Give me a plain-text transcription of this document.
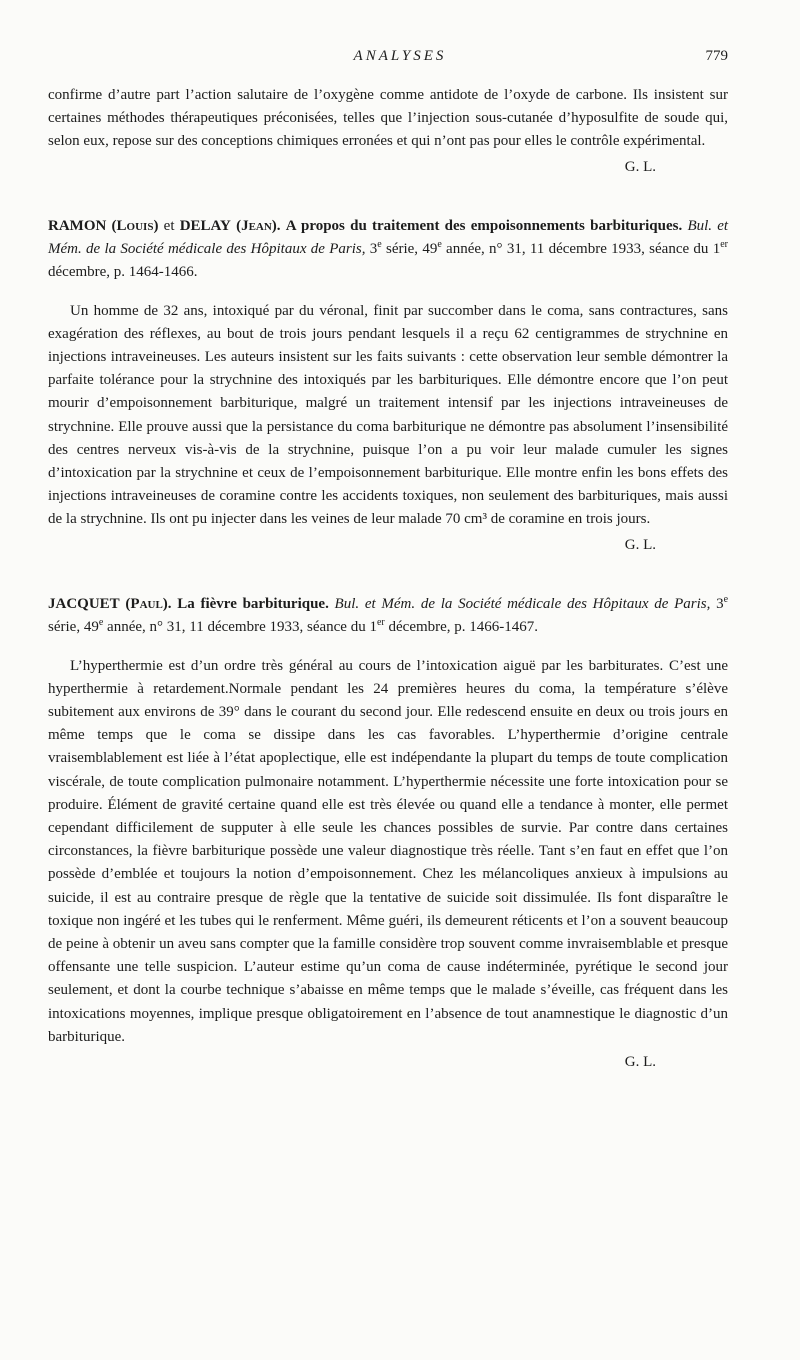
ANALYSES	779

confirme d’autre part l’action salutaire de l’oxygène comme antidote de l’oxyde de carbone. Ils insistent sur certaines méthodes thérapeutiques préconisées, telles que l’injection sous-cutanée d’hyposulfite de soude qui, selon eux, repose sur des conceptions chimiques erronées et qui n’ont pas pour elles le contrôle expérimental.

G. L.

RAMON (Louis) et DELAY (Jean). A propos du traitement des empoisonnements barbituriques. Bul. et Mém. de la Société médicale des Hôpitaux de Paris, 3e série, 49e année, n° 31, 11 décembre 1933, séance du 1er décembre, p. 1464-1466.

Un homme de 32 ans, intoxiqué par du véronal, finit par succomber dans le coma, sans contractures, sans exagération des réflexes, au bout de trois jours pendant lesquels il a reçu 62 centigrammes de strychnine en injections intraveineuses. Les auteurs insistent sur les faits suivants : cette observation leur semble démontrer la parfaite tolérance pour la strychnine des intoxiqués par les barbituriques. Elle démontre encore que l’on peut mourir d’empoisonnement barbiturique, malgré un traitement intensif par les injections intraveineuses de strychnine. Elle prouve aussi que la persistance du coma barbiturique ne démontre pas absolument l’insensibilité des centres nerveux vis-à-vis de la strychnine, puisque l’on a pu voir leur malade cumuler les signes d’intoxication par la strychnine et ceux de l’empoisonnement barbiturique. Elle montre enfin les bons effets des injections intraveineuses de coramine contre les accidents toxiques, non seulement des barbituriques, mais aussi de la strychnine. Ils ont pu injecter dans les veines de leur malade 70 cm³ de coramine en trois jours.

G. L.

JACQUET (Paul). La fièvre barbiturique. Bul. et Mém. de la Société médicale des Hôpitaux de Paris, 3e série, 49e année, n° 31, 11 décembre 1933, séance du 1er décembre, p. 1466-1467.

L’hyperthermie est d’un ordre très général au cours de l’intoxication aiguë par les barbiturates. C’est une hyperthermie à retardement.Normale pendant les 24 premières heures du coma, la température s’élève subitement aux environs de 39° dans le courant du second jour. Elle redescend ensuite en deux ou trois jours en même temps que le coma se dissipe dans les cas favorables. L’hyperthermie d’origine centrale vraisemblablement est liée à l’état apoplectique, elle est indépendante la plupart du temps de toute complication viscérale, de toute complication pulmonaire notamment. L’hyperthermie nécessite une forte intoxication pour se produire. Élément de gravité certaine quand elle est très élevée ou quand elle a tendance à monter, elle permet cependant difficilement de supputer à elle seule les chances possibles de survie. Par contre dans certaines circonstances, la fièvre barbiturique possède une valeur diagnostique très réelle. Tant s’en faut en effet que l’on possède d’emblée et toujours la notion d’empoisonnement. Chez les mélancoliques anxieux à impulsions au suicide, il est au contraire presque de règle que la tentative de suicide soit dissimulée. Ils font disparaître le toxique non ingéré et les tubes qui le renferment. Même guéri, ils demeurent réticents et l’on a souvent beaucoup de peine à obtenir un aveu sans compter que la famille considère trop souvent comme invraisemblable et presque offensante une telle suspicion. L’auteur estime qu’un coma de cause indéterminée, pyrétique le second jour seulement, et dont la courbe technique s’abaisse en même temps que le malade s’éveille, cas fréquent dans les intoxications moyennes, implique presque obligatoirement en l’absence de tout anamnestique le diagnostic d’un barbiturique.

G. L.
